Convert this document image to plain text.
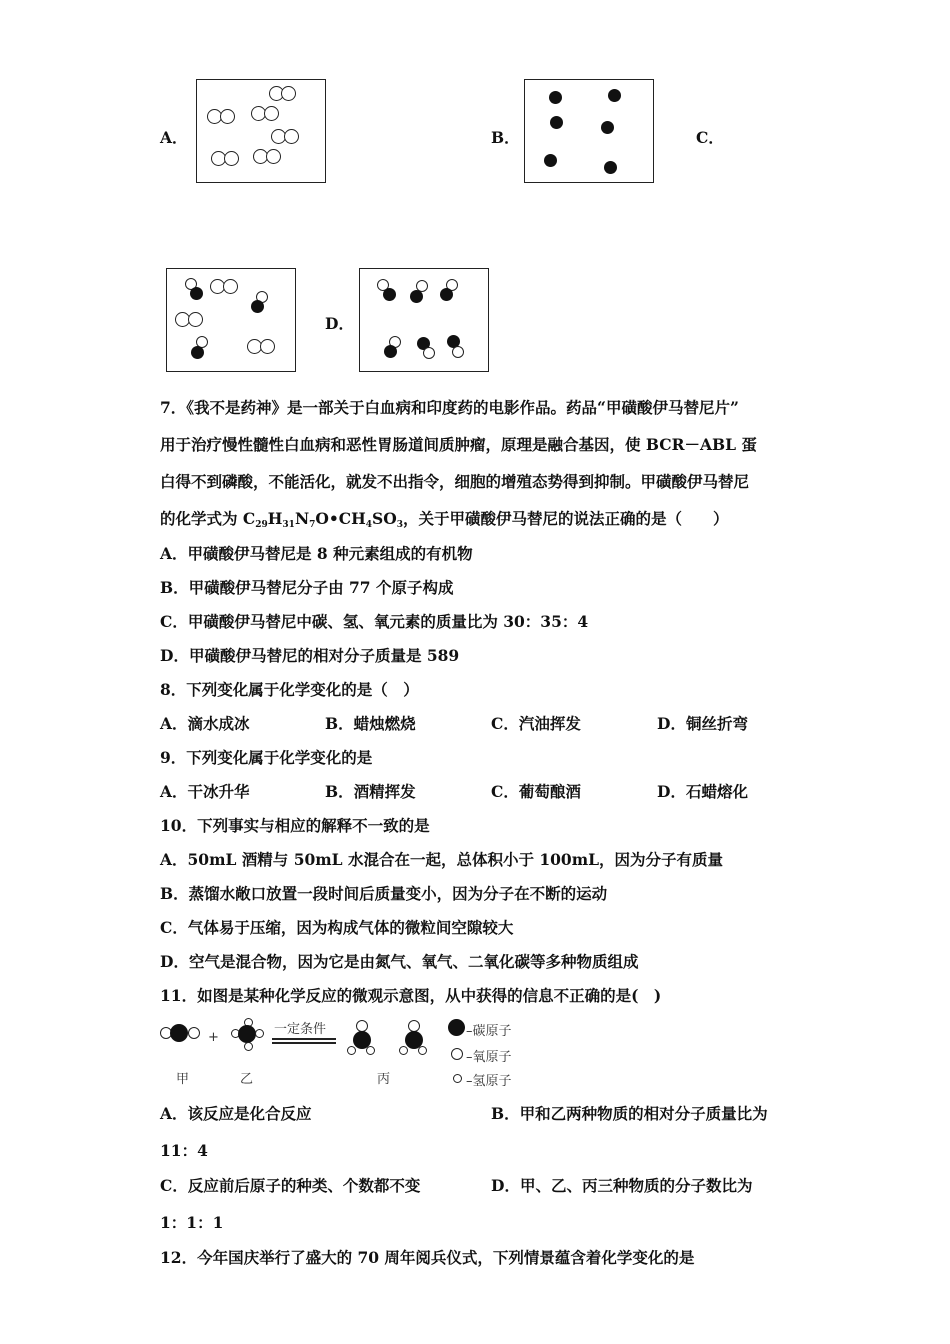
A．	B．	C．
D．
7．《我不是药神》是一部关于白血病和印度药的电影作品。药品“甲磺酸伊马替尼片”
用于治疗慢性髓性白血病和恶性胃肠道间质肿瘤，原理是融合基因，使 BCR－ABL 蛋
白得不到磷酸，不能活化，就发不出指令，细胞的增殖态势得到抑制。甲磺酸伊马替尼
的化学式为 $C_{29}H_{31}N_7O•CH_4SO_3$，关于甲磺酸伊马替尼的说法正确的是（　　）
A．甲磺酸伊马替尼是 8 种元素组成的有机物
B．甲磺酸伊马替尼分子由 77 个原子构成
C．甲磺酸伊马替尼中碳、氢、氧元素的质量比为 30：35：4
D．甲磺酸伊马替尼的相对分子质量是 589
8．下列变化属于化学变化的是（　）
A．滴水成冰	B．蜡烛燃烧	C．汽油挥发	D．铜丝折弯
9．下列变化属于化学变化的是
A．干冰升华	B．酒精挥发	C．葡萄酿酒	D．石蜡熔化
10．下列事实与相应的解释不一致的是
A．50mL 酒精与 50mL 水混合在一起，总体积小于 100mL，因为分子有质量
B．蒸馏水敞口放置一段时间后质量变小，因为分子在不断的运动
C．气体易于压缩，因为构成气体的微粒间空隙较大
D．空气是混合物，因为它是由氮气、氧气、二氧化碳等多种物质组成
11．如图是某种化学反应的微观示意图，从中获得的信息不正确的是(　)
+
一定条件	–碳原子
–氧原子
–氢原子
甲	乙	丙
A．该反应是化合反应	B．甲和乙两种物质的相对分子质量比为
11：4
C．反应前后原子的种类、个数都不变	D．甲、乙、丙三种物质的分子数比为
1：1：1
12．今年国庆举行了盛大的 70 周年阅兵仪式，下列情景蕴含着化学变化的是
